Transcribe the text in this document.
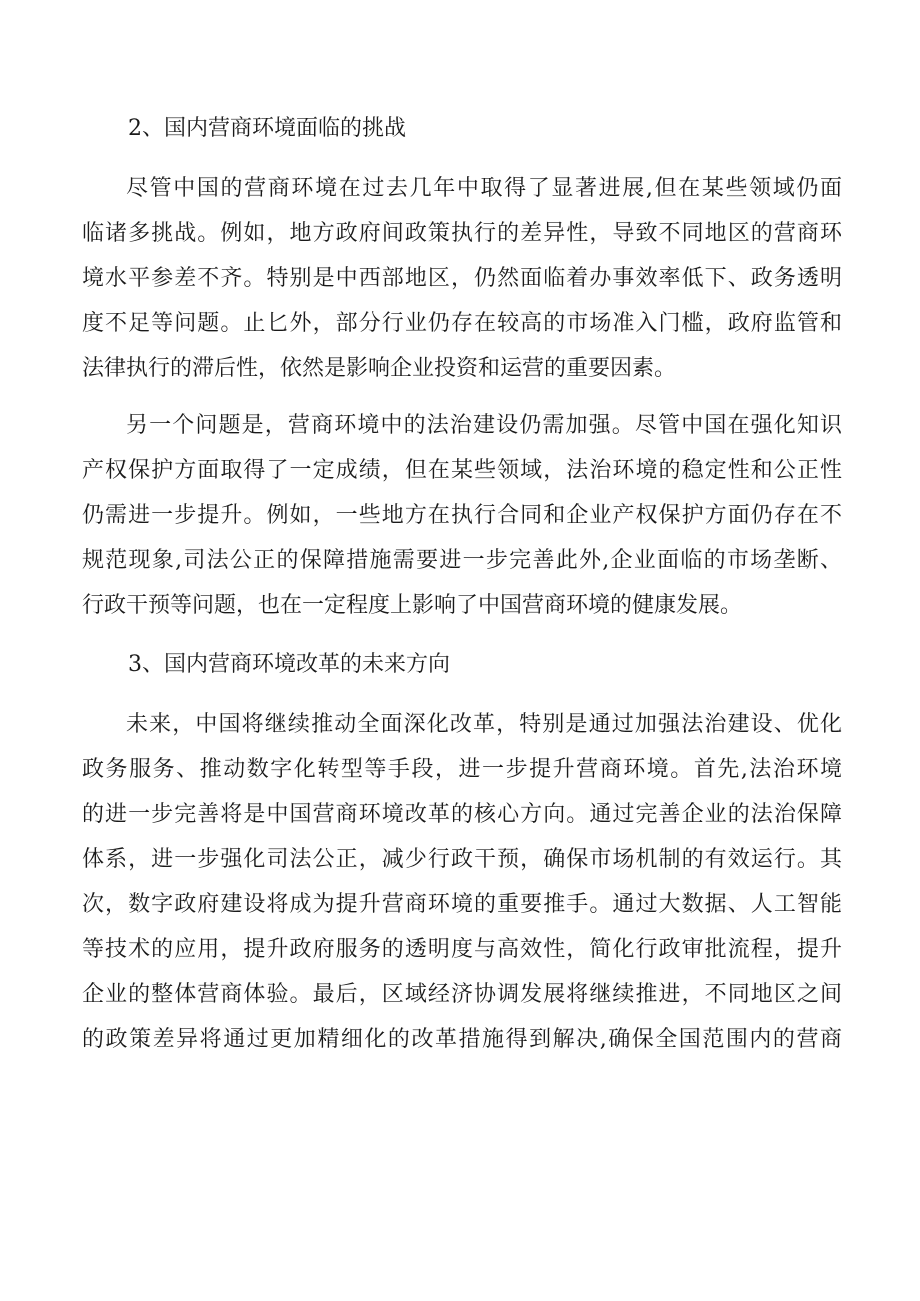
2、国内营商环境面临的挑战
尽管中国的营商环境在过去几年中取得了显著进展,但在某些领域仍面
临诸多挑战。例如，地方政府间政策执行的差异性，导致不同地区的营商环
境水平参差不齐。特别是中西部地区，仍然面临着办事效率低下、政务透明
度不足等问题。止匕外，部分行业仍存在较高的市场准入门槛，政府监管和
法律执行的滞后性，依然是影响企业投资和运营的重要因素。
另一个问题是，营商环境中的法治建设仍需加强。尽管中国在强化知识
产权保护方面取得了一定成绩，但在某些领域，法治环境的稳定性和公正性
仍需进一步提升。例如，一些地方在执行合同和企业产权保护方面仍存在不
规范现象,司法公正的保障措施需要进一步完善此外,企业面临的市场垄断、
行政干预等问题，也在一定程度上影响了中国营商环境的健康发展。
3、国内营商环境改革的未来方向
未来，中国将继续推动全面深化改革，特别是通过加强法治建设、优化
政务服务、推动数字化转型等手段，进一步提升营商环境。首先,法治环境
的进一步完善将是中国营商环境改革的核心方向。通过完善企业的法治保障
体系，进一步强化司法公正，减少行政干预，确保市场机制的有效运行。其
次，数字政府建设将成为提升营商环境的重要推手。通过大数据、人工智能
等技术的应用，提升政府服务的透明度与高效性，简化行政审批流程，提升
企业的整体营商体验。最后，区域经济协调发展将继续推进，不同地区之间
的政策差异将通过更加精细化的改革措施得到解决,确保全国范围内的营商
